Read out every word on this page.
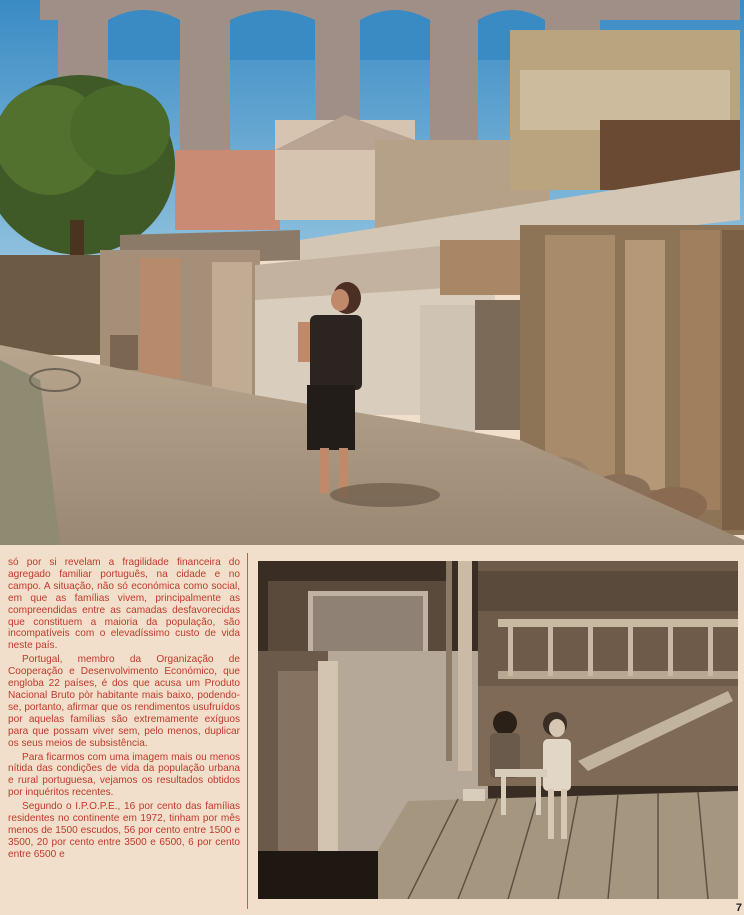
só por si revelam a fragilidade financeira do agregado familiar português, na cidade e no campo. A situação, não só económica como social, em que as famílias vivem, principalmente as compreendidas entre as camadas desfavorecidas que constituem a maioria da população, são incompatíveis com o elevadíssimo custo de vida neste país.

Portugal, membro da Organização de Cooperação e Desenvolvimento Económico, que engloba 22 países, é dos que acusa um Produto Nacional Bruto pòr habitante mais baixo, podendo-se, portanto, afirmar que os rendimentos usufruídos por aquelas famílias são extremamente exíguos para que possam viver sem, pelo menos, duplicar os seus meios de subsistência.

Para ficarmos com uma imagem mais ou menos nítida das condições de vida da população urbana e rural portuguesa, vejamos os resultados obtidos por inquéritos recentes.

Segundo o I.P.O.P.E., 16 por cento das famílias residentes no continente em 1972, tinham por mês menos de 1500 escudos, 56 por cento entre 1500 e 3500, 20 por cento entre 3500 e 6500, 6 por cento entre 6500 e

7
